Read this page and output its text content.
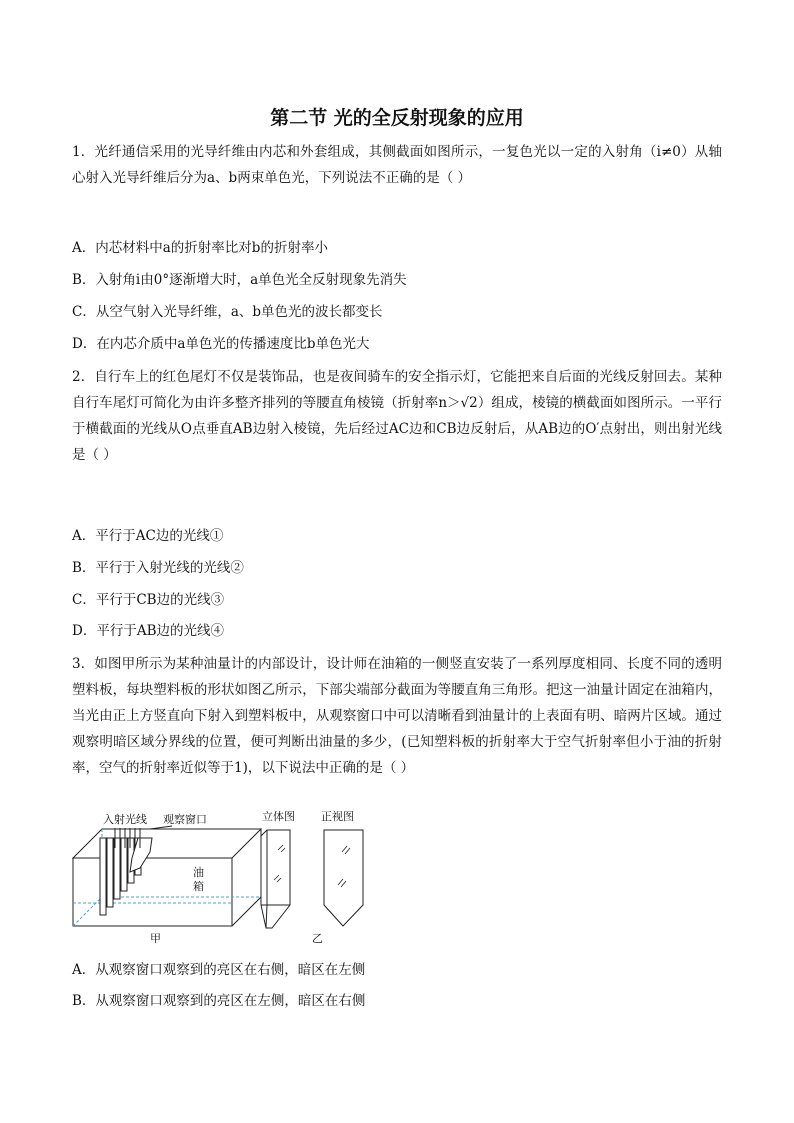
第二节 光的全反射现象的应用
1．光纤通信采用的光导纤维由内芯和外套组成，其侧截面如图所示，一复色光以一定的入射角（i≠0）从轴心射入光导纤维后分为a、b两束单色光，下列说法不正确的是（ ）
A．内芯材料中a的折射率比对b的折射率小
B．入射角i由0°逐渐增大时，a单色光全反射现象先消失
C．从空气射入光导纤维，a、b单色光的波长都变长
D．在内芯介质中a单色光的传播速度比b单色光大
2．自行车上的红色尾灯不仅是装饰品，也是夜间骑车的安全指示灯，它能把来自后面的光线反射回去。某种自行车尾灯可简化为由许多整齐排列的等腰直角棱镜（折射率n＞√2）组成，棱镜的横截面如图所示。一平行于横截面的光线从O点垂直AB边射入棱镜，先后经过AC边和CB边反射后，从AB边的O′点射出，则出射光线是（ ）
A．平行于AC边的光线①
B．平行于入射光线的光线②
C．平行于CB边的光线③
D．平行于AB边的光线④
3．如图甲所示为某种油量计的内部设计，设计师在油箱的一侧竖直安装了一系列厚度相同、长度不同的透明塑料板，每块塑料板的形状如图乙所示，下部尖端部分截面为等腰直角三角形。把这一油量计固定在油箱内，当光由正上方竖直向下射入到塑料板中，从观察窗口中可以清晰看到油量计的上表面有明、暗两片区域。通过观察明暗区域分界线的位置，便可判断出油量的多少，(已知塑料板的折射率大于空气折射率但小于油的折射率，空气的折射率近似等于1)，以下说法中正确的是（ ）
入射光线 观察窗口
油箱
甲
立体图 正视图
乙
A．从观察窗口观察到的亮区在右侧，暗区在左侧
B．从观察窗口观察到的亮区在左侧，暗区在右侧
